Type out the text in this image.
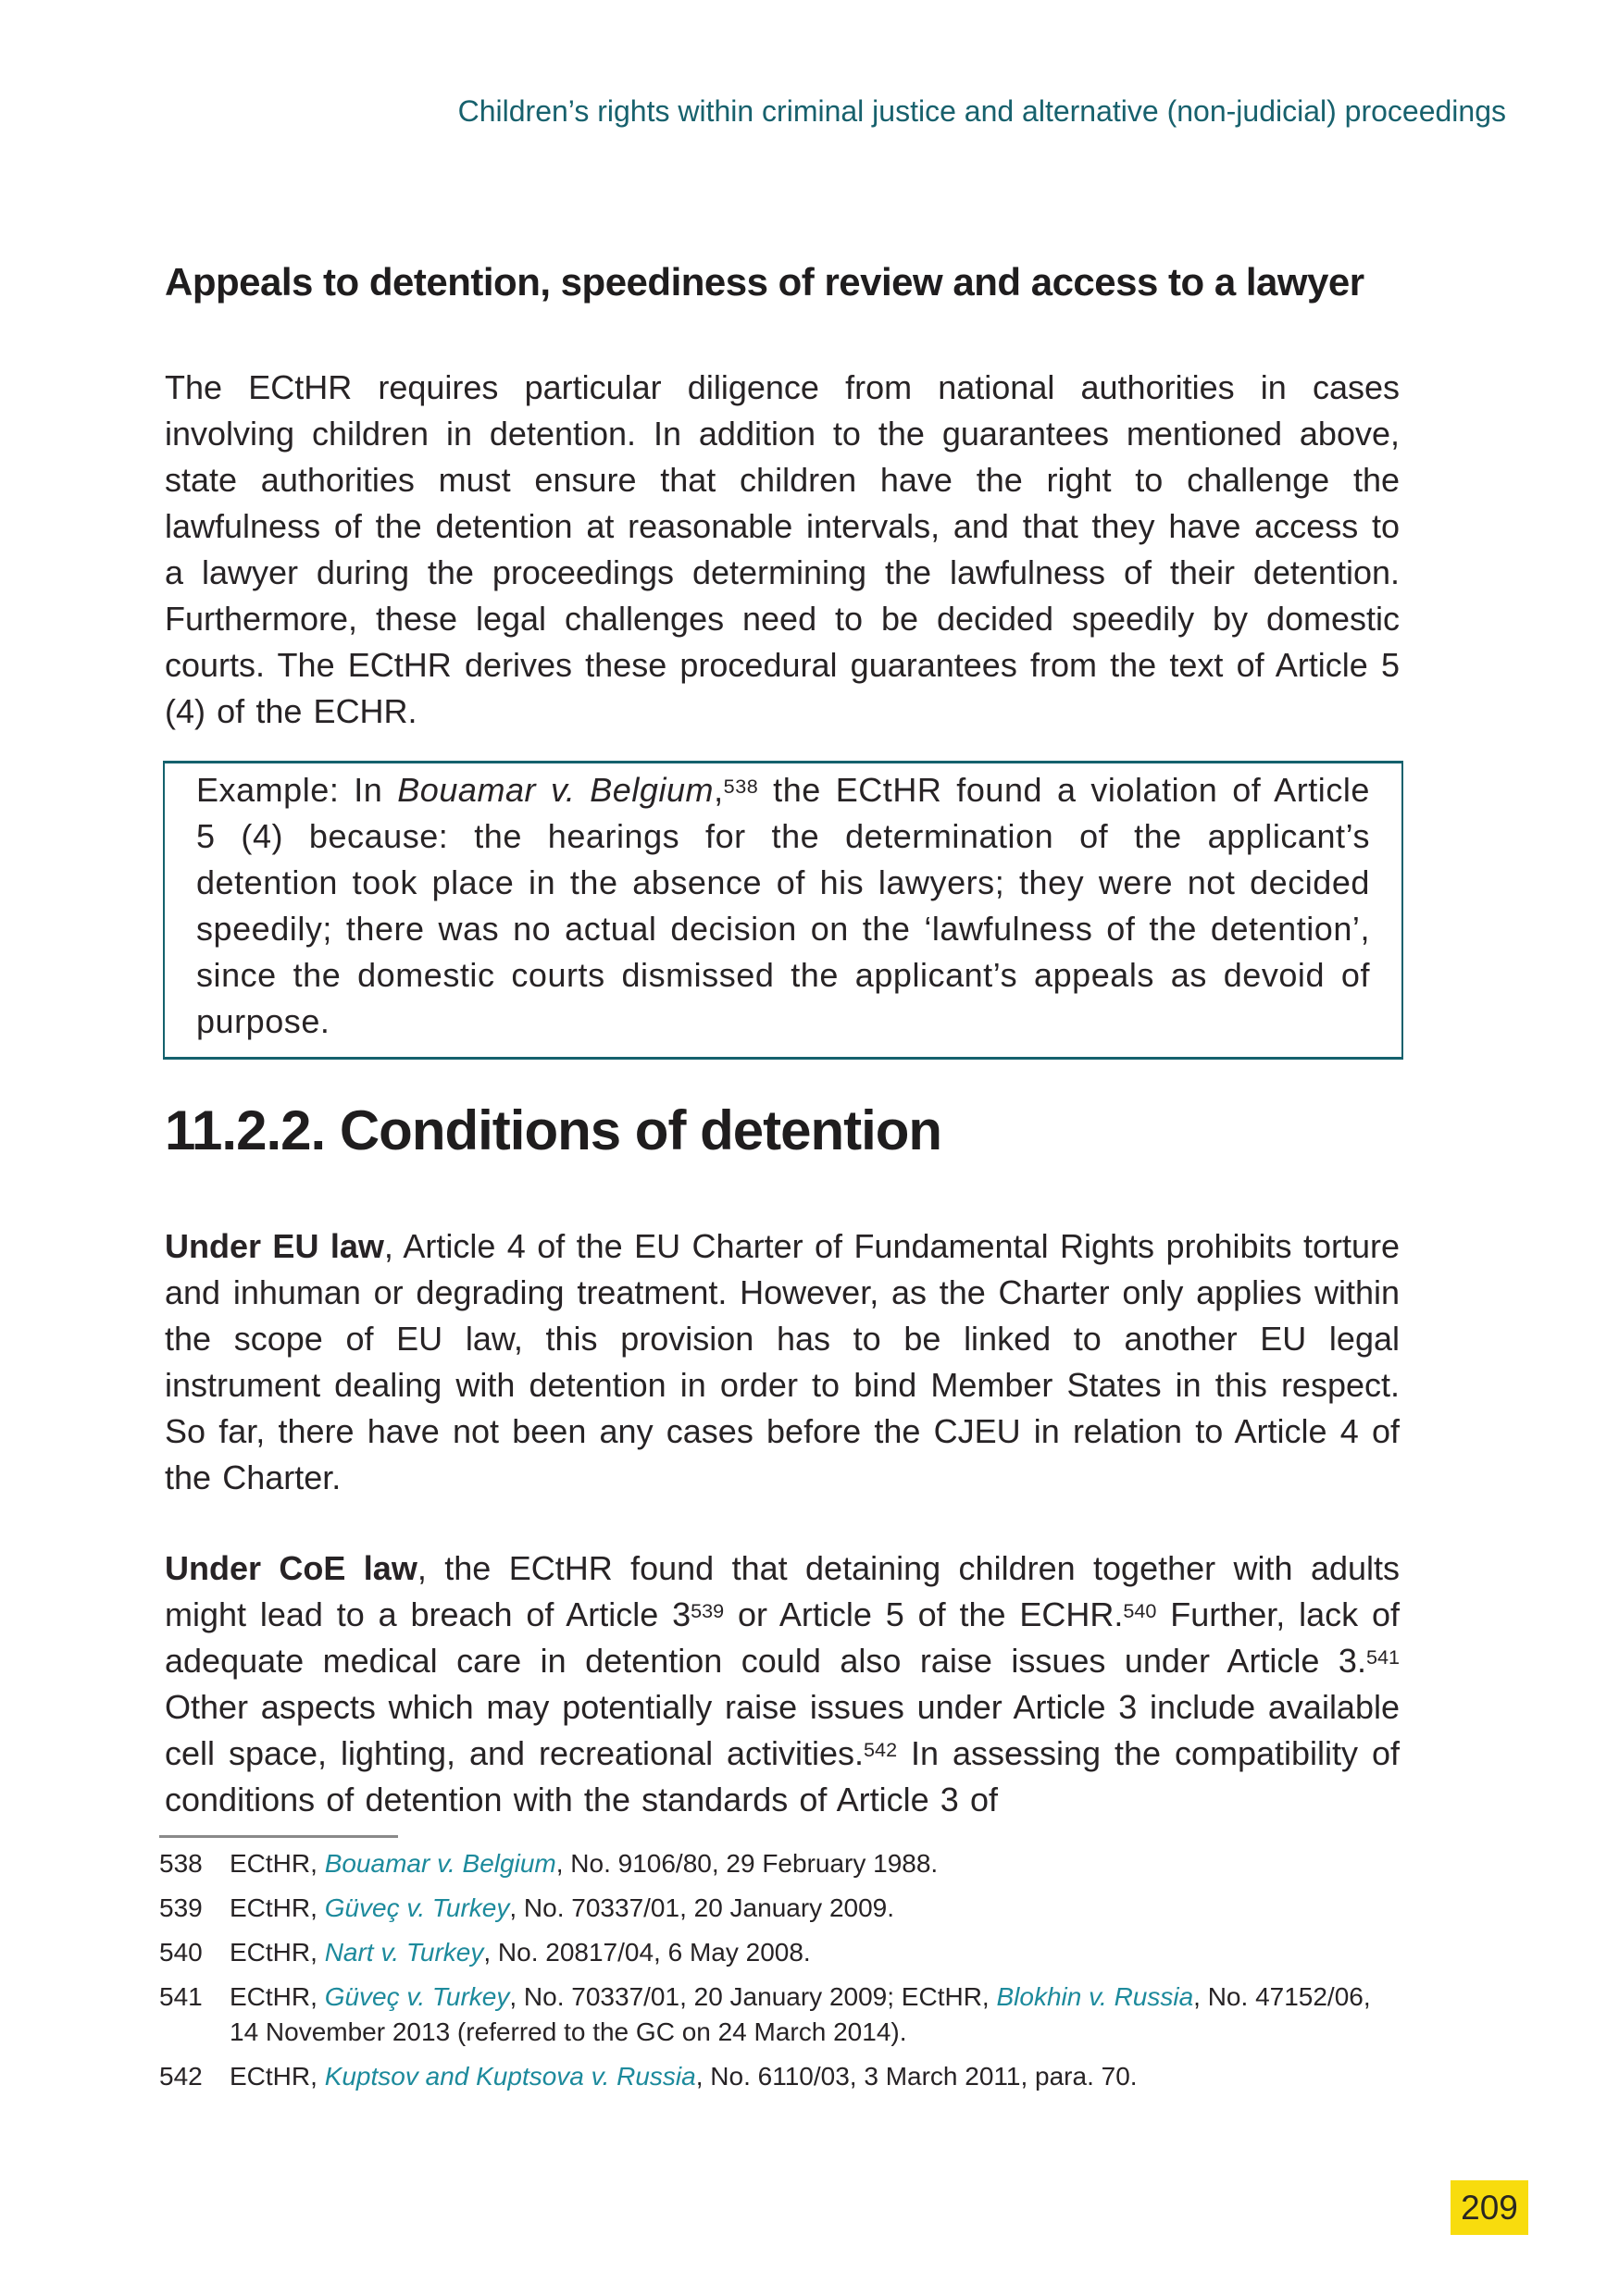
Children’s rights within criminal justice and alternative (non-judicial) proceedings
Appeals to detention, speediness of review and access to a lawyer

The ECtHR requires particular diligence from national authorities in cases involving children in detention. In addition to the guarantees mentioned above, state authorities must ensure that children have the right to challenge the lawfulness of the detention at reasonable intervals, and that they have access to a lawyer during the proceedings determining the lawfulness of their detention. Furthermore, these legal challenges need to be decided speedily by domestic courts. The ECtHR derives these procedural guarantees from the text of Article 5 (4) of the ECHR.

Example: In Bouamar v. Belgium,$^{538}$ the ECtHR found a violation of Article 5 (4) because: the hearings for the determination of the applicant’s detention took place in the absence of his lawyers; they were not decided speedily; there was no actual decision on the ‘lawfulness of the detention’, since the domestic courts dismissed the applicant’s appeals as devoid of purpose.
11.2.2. Conditions of detention

Under EU law, Article 4 of the EU Charter of Fundamental Rights prohibits torture and inhuman or degrading treatment. However, as the Charter only applies within the scope of EU law, this provision has to be linked to another EU legal instrument dealing with detention in order to bind Member States in this respect. So far, there have not been any cases before the CJEU in relation to Article 4 of the Charter.

Under CoE law, the ECtHR found that detaining children together with adults might lead to a breach of Article $3^{539}$ or Article 5 of the ECHR.$^{540}$ Further, lack of adequate medical care in detention could also raise issues under Article 3.$^{541}$ Other aspects which may potentially raise issues under Article 3 include available cell space, lighting, and recreational activities.$^{542}$ In assessing the compatibility of conditions of detention with the standards of Article 3 of

538	ECtHR, Bouamar v. Belgium, No. 9106/80, 29 February 1988.
539	ECtHR, Güveç v. Turkey, No. 70337/01, 20 January 2009.
540	ECtHR, Nart v. Turkey, No. 20817/04, 6 May 2008.
541	ECtHR, Güveç v. Turkey, No. 70337/01, 20 January 2009; ECtHR, Blokhin v. Russia, No. 47152/06,
14 November 2013 (referred to the GC on 24 March 2014).
542	ECtHR, Kuptsov and Kuptsova v. Russia, No. 6110/03, 3 March 2011, para. 70.
209
